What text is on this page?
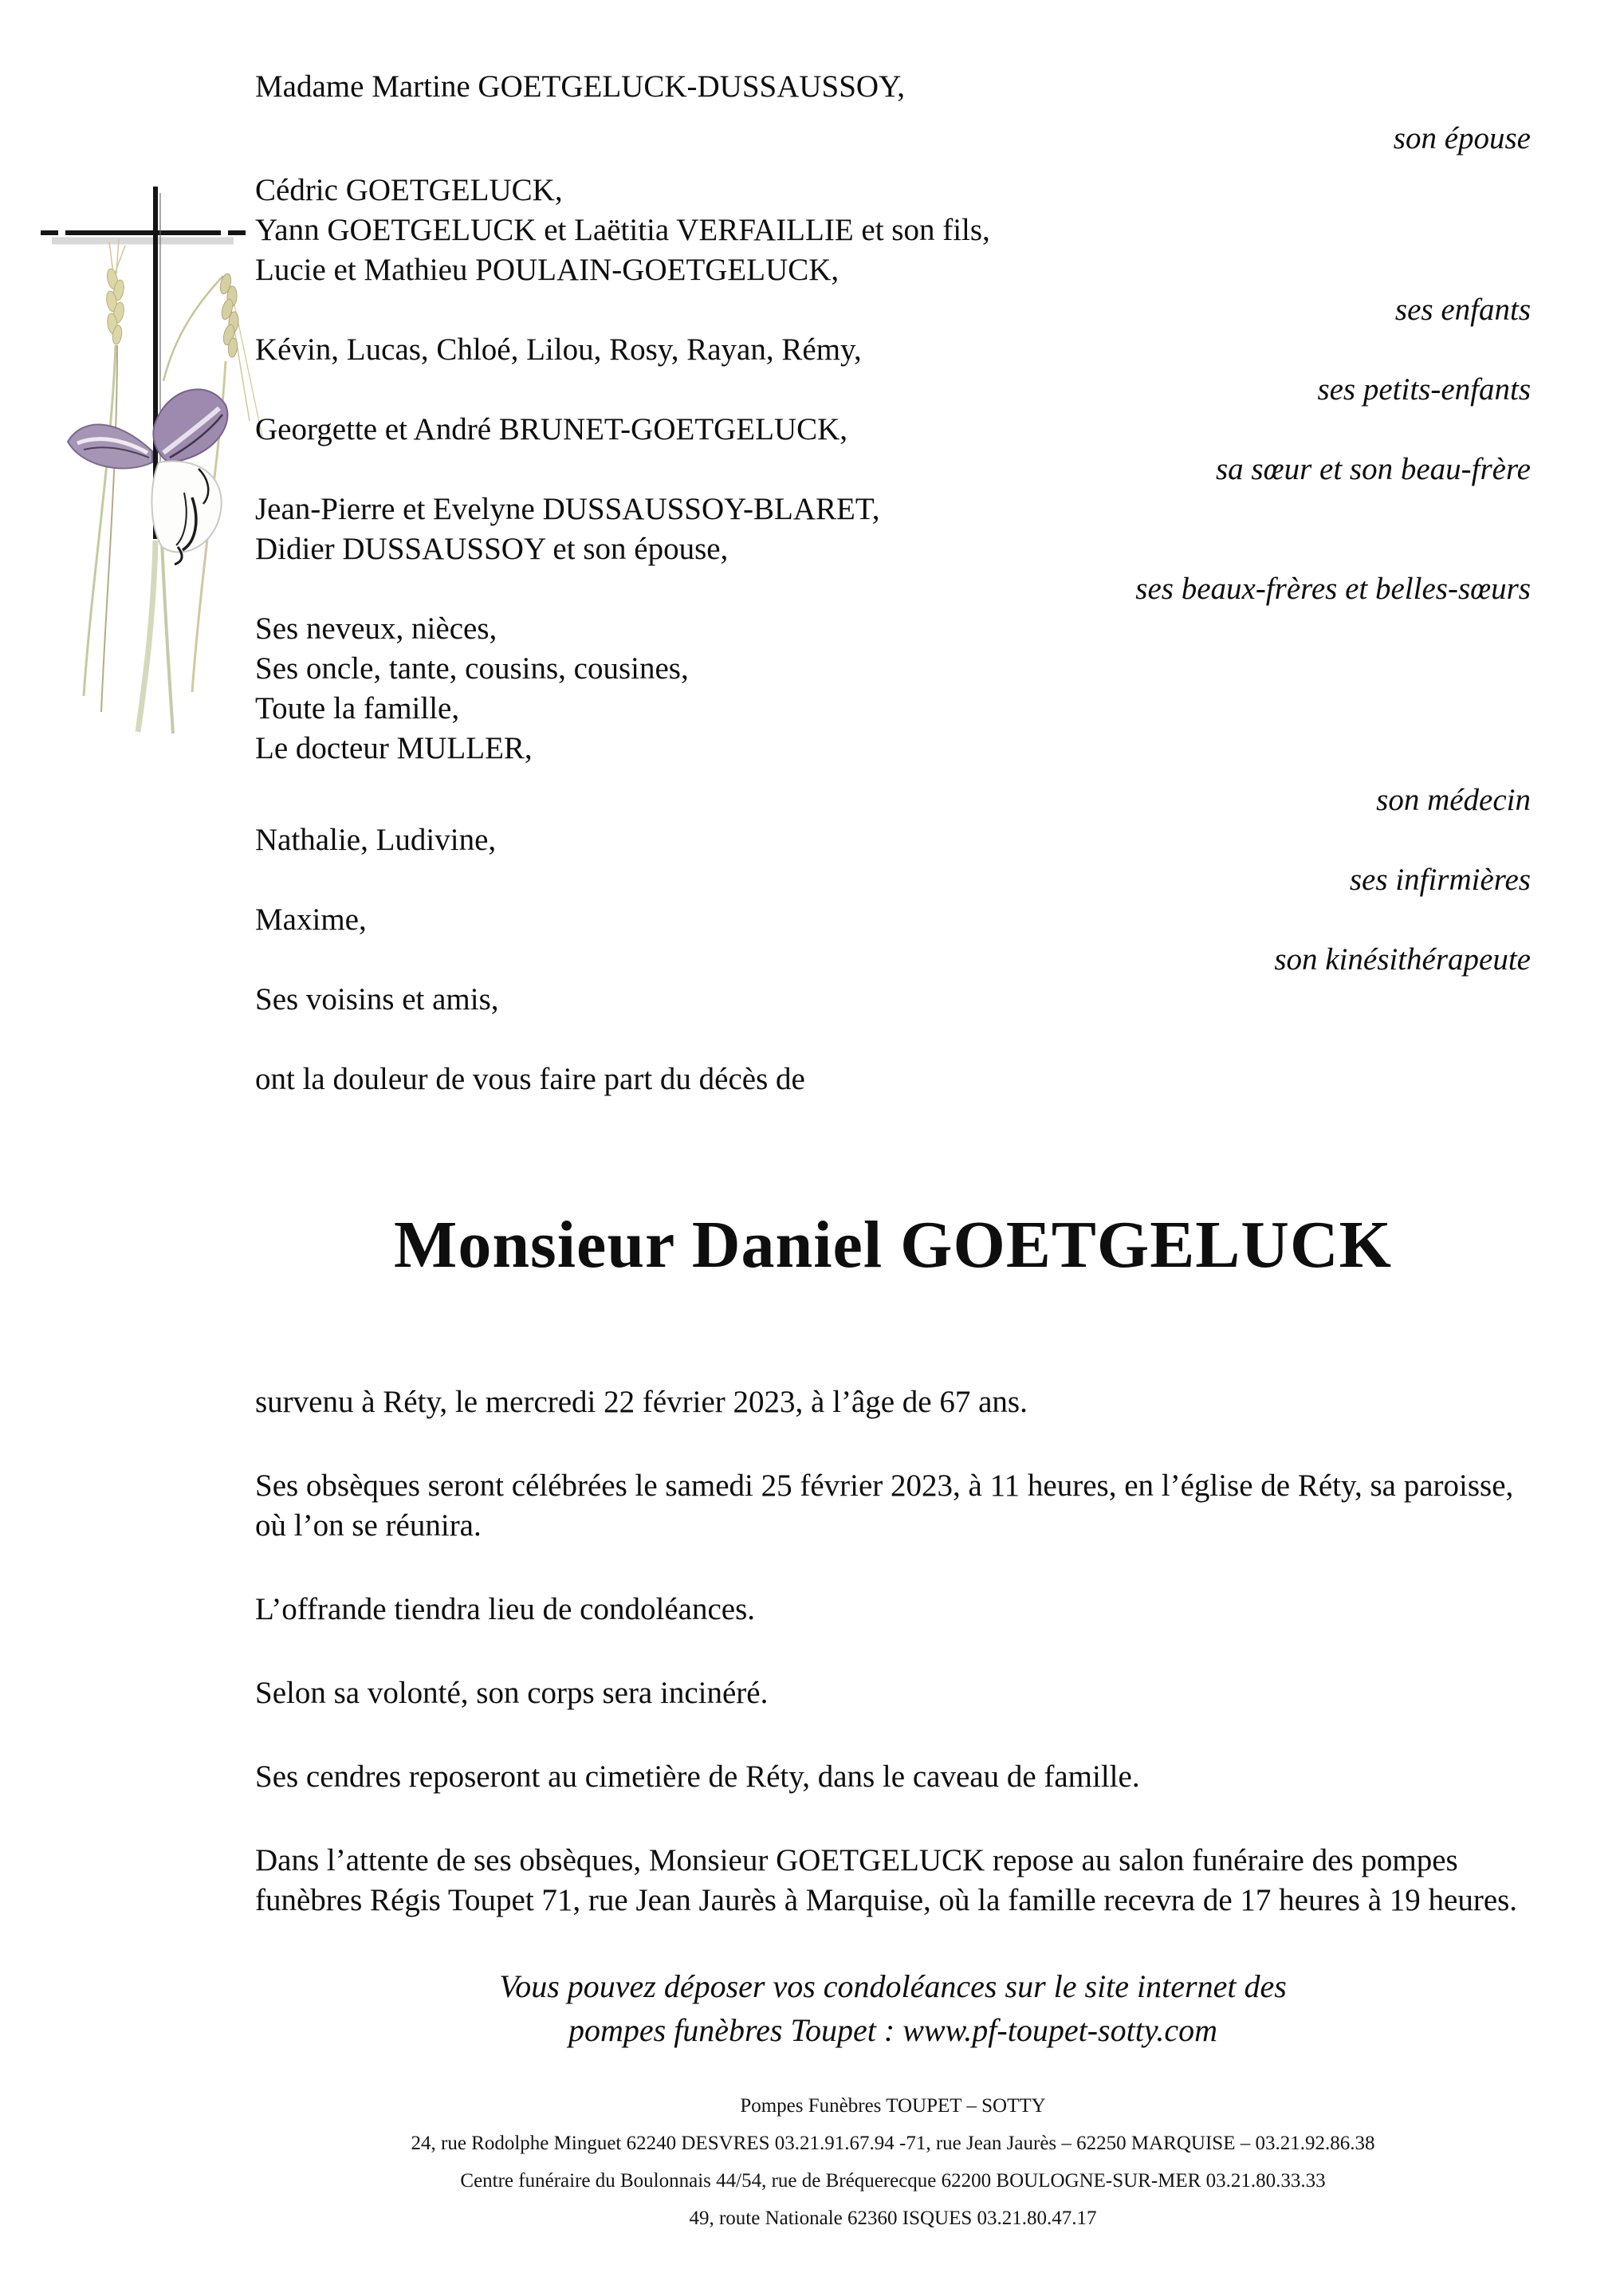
Madame Martine GOETGELUCK-DUSSAUSSOY,
son épouse
Cédric GOETGELUCK,
Yann GOETGELUCK et Laëtitia VERFAILLIE et son fils,
Lucie et Mathieu POULAIN-GOETGELUCK,
ses enfants
Kévin, Lucas, Chloé, Lilou, Rosy, Rayan, Rémy,
ses petits-enfants
Georgette et André BRUNET-GOETGELUCK,
sa sœur et son beau-frère
Jean-Pierre et Evelyne DUSSAUSSOY-BLARET,
Didier DUSSAUSSOY et son épouse,
ses beaux-frères et belles-sœurs
Ses neveux, nièces,
Ses oncle, tante, cousins, cousines,
Toute la famille,
Le docteur MULLER,
son médecin
Nathalie, Ludivine,
ses infirmières
Maxime,
son kinésithérapeute
Ses voisins et amis,
ont la douleur de vous faire part du décès de
Monsieur Daniel GOETGELUCK

survenu à Réty, le mercredi 22 février 2023, à l’âge de 67 ans.

Ses obsèques seront célébrées le samedi 25 février 2023, à 11 heures, en l’église de Réty, sa paroisse, où l’on se réunira.

L’offrande tiendra lieu de condoléances.

Selon sa volonté, son corps sera incinéré.

Ses cendres reposeront au cimetière de Réty, dans le caveau de famille.

Dans l’attente de ses obsèques, Monsieur GOETGELUCK repose au salon funéraire des pompes funèbres Régis Toupet 71, rue Jean Jaurès à Marquise, où la famille recevra de 17 heures à 19 heures.

Vous pouvez déposer vos condoléances sur le site internet des
pompes funèbres Toupet : www.pf-toupet-sotty.com
Pompes Funèbres TOUPET – SOTTY
24, rue Rodolphe Minguet 62240 DESVRES 03.21.91.67.94 -71, rue Jean Jaurès – 62250 MARQUISE – 03.21.92.86.38
Centre funéraire du Boulonnais 44/54, rue de Bréquerecque 62200 BOULOGNE-SUR-MER 03.21.80.33.33
49, route Nationale 62360 ISQUES 03.21.80.47.17
